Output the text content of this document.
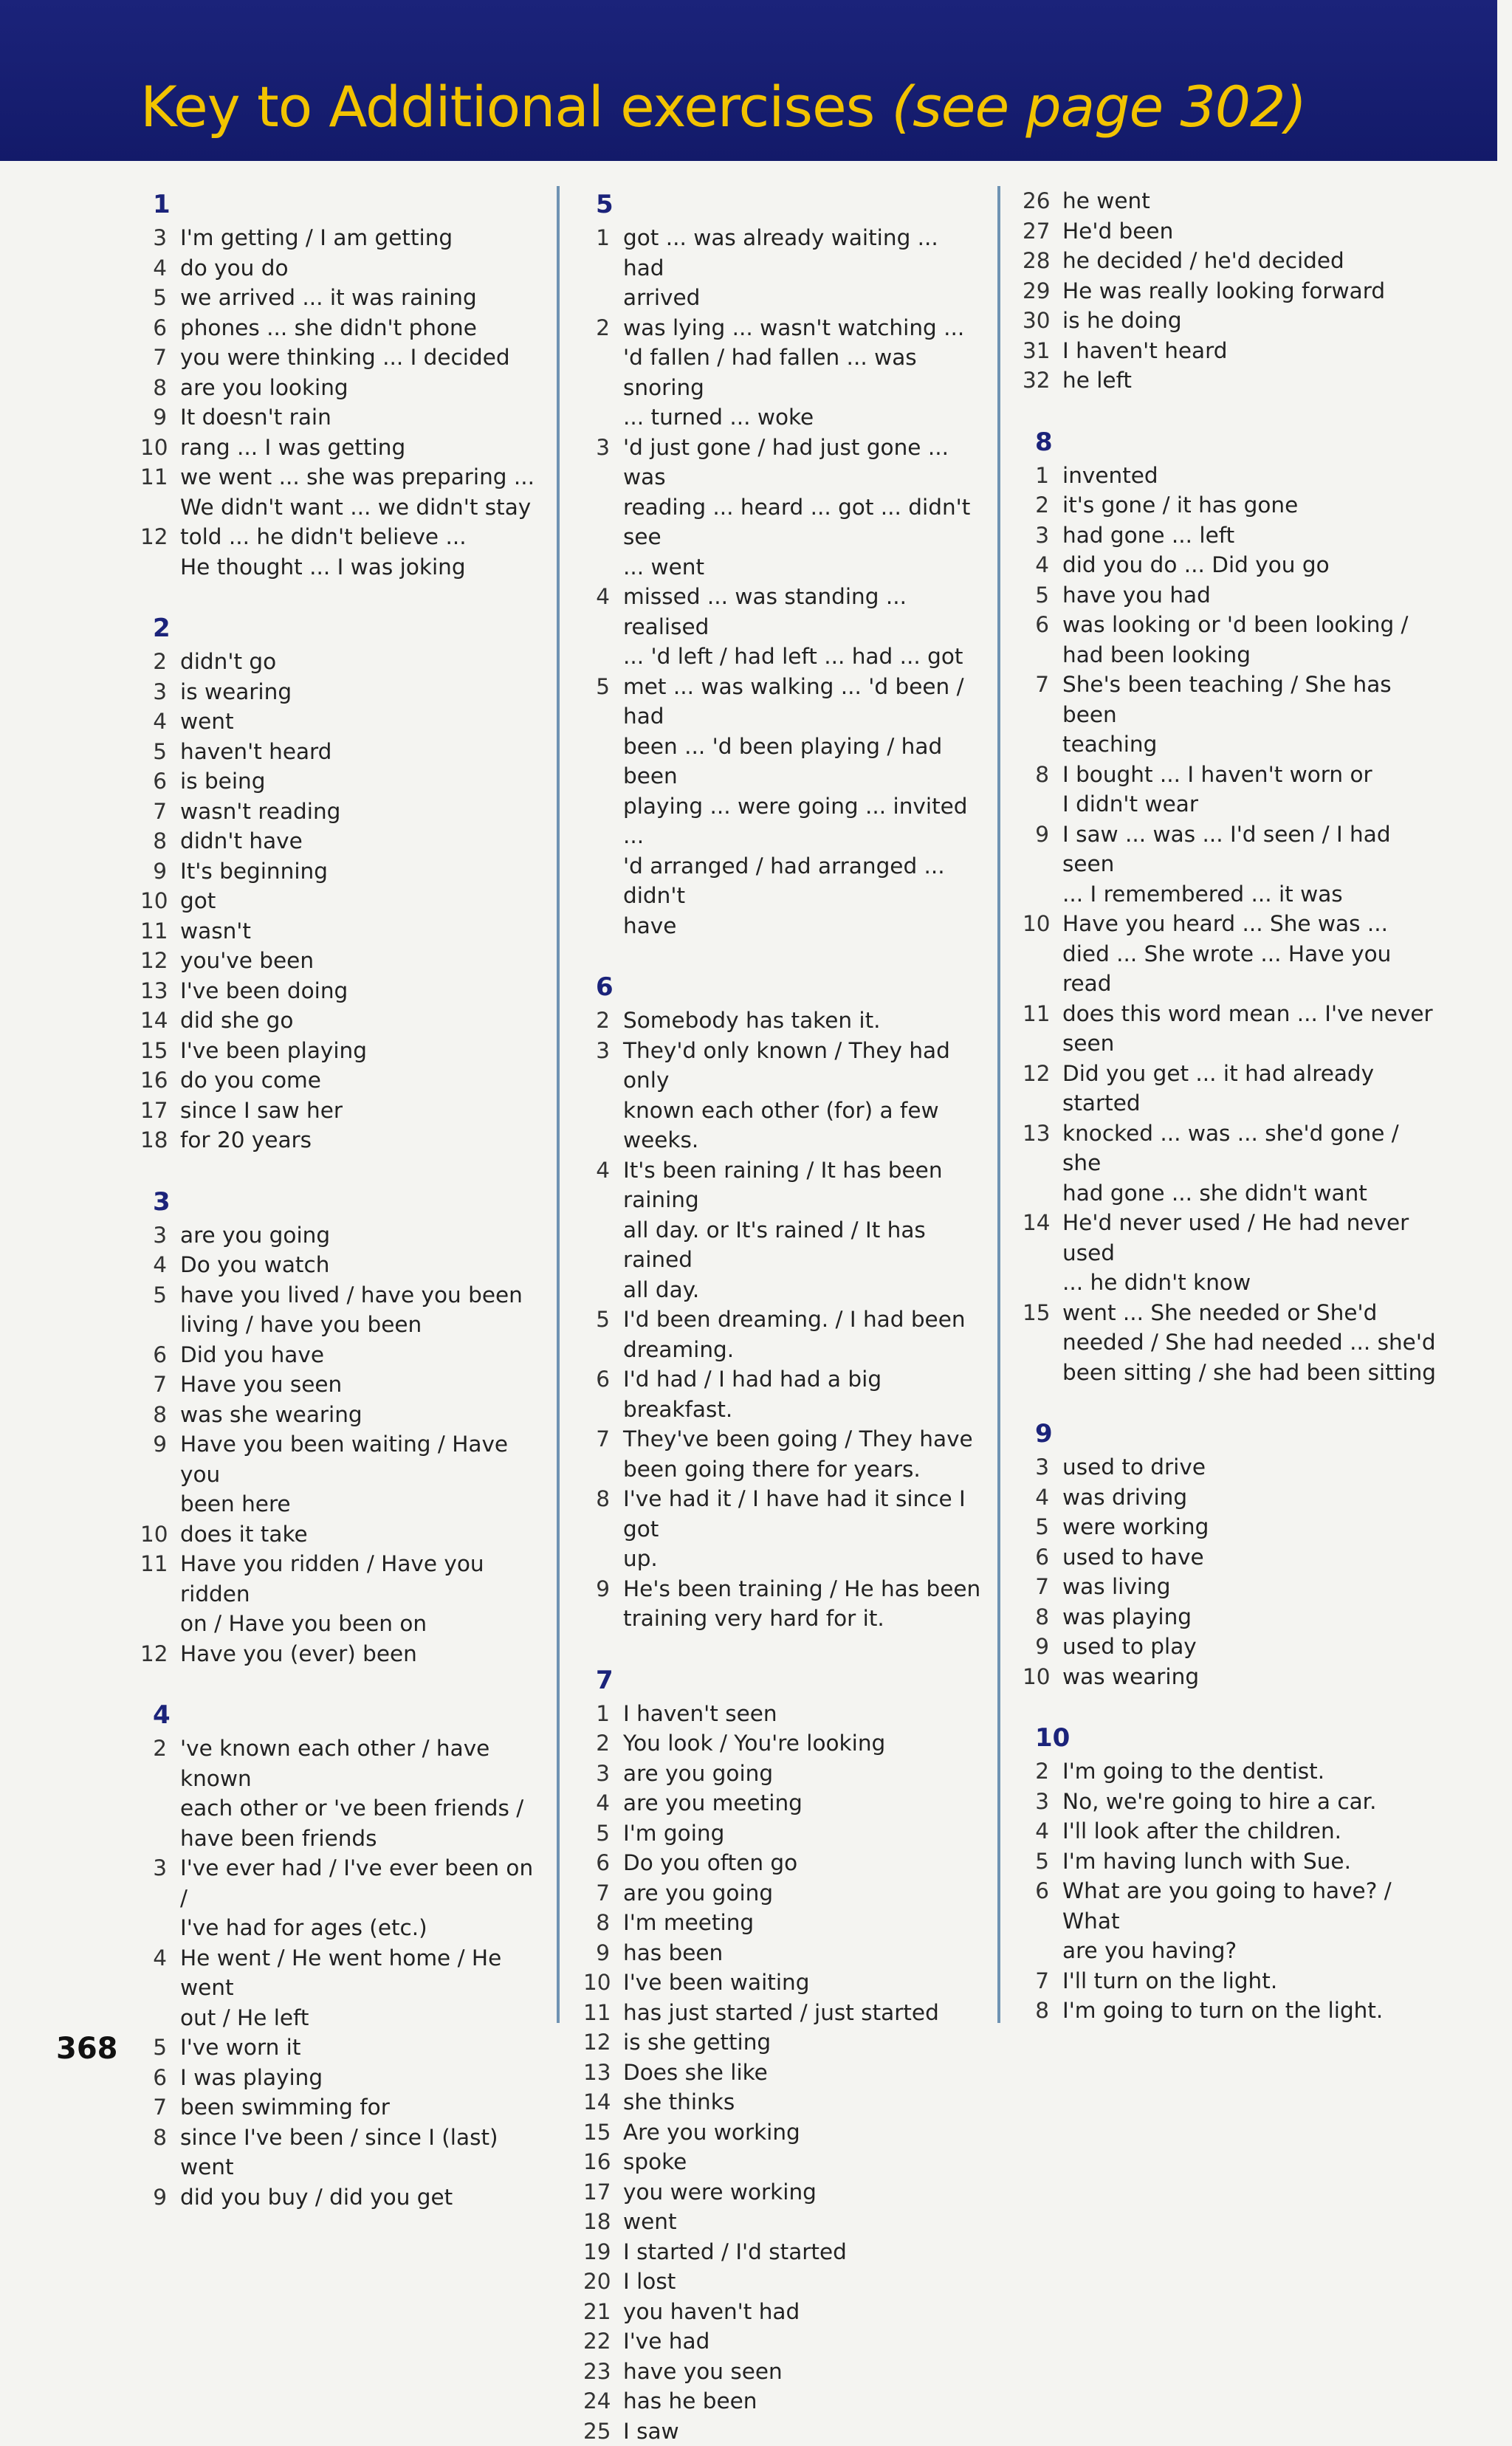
Key to Additional exercises (see page 302)
1
3 I'm getting / I am getting
4 do you do
5 we arrived ... it was raining
6 phones ... she didn't phone
7 you were thinking ... I decided
8 are you looking
9 It doesn't rain
10 rang ... I was getting
11 we went ... she was preparing ...
We didn't want ... we didn't stay
12 told ... he didn't believe ...
He thought ... I was joking
2
2 didn't go
3 is wearing
4 went
5 haven't heard
6 is being
7 wasn't reading
8 didn't have
9 It's beginning
10 got
11 wasn't
12 you've been
13 I've been doing
14 did she go
15 I've been playing
16 do you come
17 since I saw her
18 for 20 years
3
3 are you going
4 Do you watch
5 have you lived / have you been
living / have you been
6 Did you have
7 Have you seen
8 was she wearing
9 Have you been waiting / Have you
been here
10 does it take
11 Have you ridden / Have you ridden
on / Have you been on
12 Have you (ever) been
4
2 've known each other / have known
each other or 've been friends /
have been friends
3 I've ever had / I've ever been on /
I've had for ages (etc.)
4 He went / He went home / He went
out / He left
5 I've worn it
6 I was playing
7 been swimming for
8 since I've been / since I (last) went
9 did you buy / did you get
5
1 got ... was already waiting ... had
arrived
2 was lying ... wasn't watching ...
'd fallen / had fallen ... was snoring
... turned ... woke
3 'd just gone / had just gone ... was
reading ... heard ... got ... didn't see
... went
4 missed ... was standing ... realised
... 'd left / had left ... had ... got
5 met ... was walking ... 'd been / had
been ... 'd been playing / had been
playing ... were going ... invited ...
'd arranged / had arranged ... didn't
have
6
2 Somebody has taken it.
3 They'd only known / They had only
known each other (for) a few
weeks.
4 It's been raining / It has been raining
all day. or It's rained / It has rained
all day.
5 I'd been dreaming. / I had been
dreaming.
6 I'd had / I had had a big breakfast.
7 They've been going / They have
been going there for years.
8 I've had it / I have had it since I got
up.
9 He's been training / He has been
training very hard for it.
7
1 I haven't seen
2 You look / You're looking
3 are you going
4 are you meeting
5 I'm going
6 Do you often go
7 are you going
8 I'm meeting
9 has been
10 I've been waiting
11 has just started / just started
12 is she getting
13 Does she like
14 she thinks
15 Are you working
16 spoke
17 you were working
18 went
19 I started / I'd started
20 I lost
21 you haven't had
22 I've had
23 have you seen
24 has he been
25 I saw
26 he went
27 He'd been
28 he decided / he'd decided
29 He was really looking forward
30 is he doing
31 I haven't heard
32 he left
8
1 invented
2 it's gone / it has gone
3 had gone ... left
4 did you do ... Did you go
5 have you had
6 was looking or 'd been looking /
had been looking
7 She's been teaching / She has been
teaching
8 I bought ... I haven't worn or
I didn't wear
9 I saw ... was ... I'd seen / I had seen
... I remembered ... it was
10 Have you heard ... She was ...
died ... She wrote ... Have you read
11 does this word mean ... I've never
seen
12 Did you get ... it had already started
13 knocked ... was ... she'd gone / she
had gone ... she didn't want
14 He'd never used / He had never used
... he didn't know
15 went ... She needed or She'd
needed / She had needed ... she'd
been sitting / she had been sitting
9
3 used to drive
4 was driving
5 were working
6 used to have
7 was living
8 was playing
9 used to play
10 was wearing
10
2 I'm going to the dentist.
3 No, we're going to hire a car.
4 I'll look after the children.
5 I'm having lunch with Sue.
6 What are you going to have? / What
are you having?
7 I'll turn on the light.
8 I'm going to turn on the light.
368
